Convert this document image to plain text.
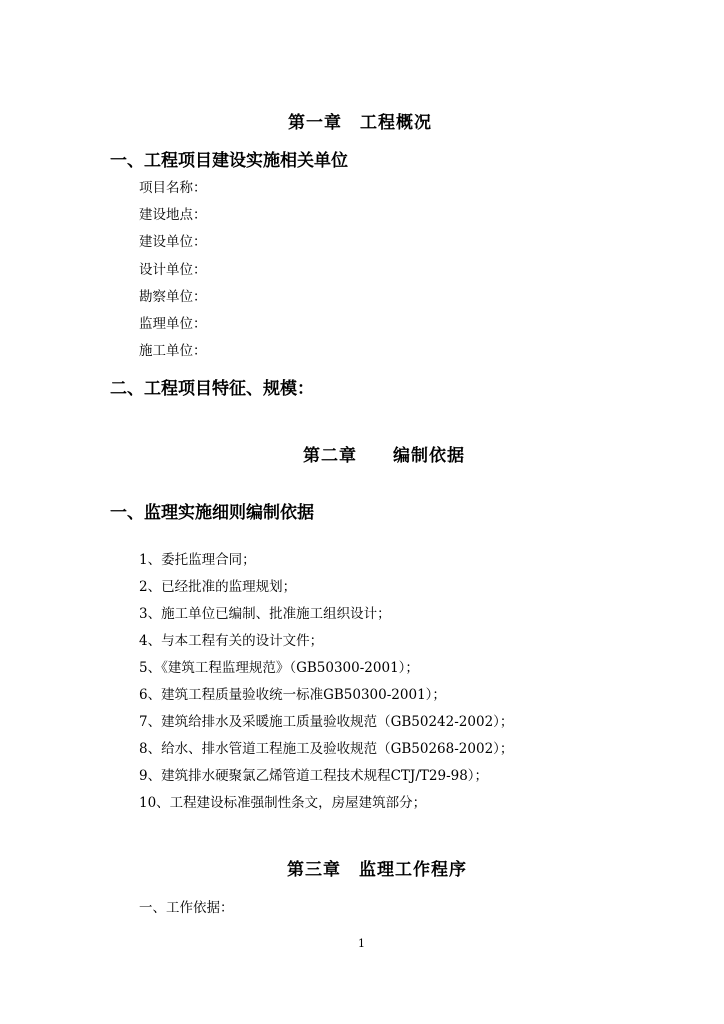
第一章　工程概况
一、工程项目建设实施相关单位
项目名称：
建设地点：
建设单位：
设计单位：
勘察单位：
监理单位：
施工单位：
二、工程项目特征、规模：
第二章　　编制依据
一、监理实施细则编制依据
1、委托监理合同；
2、已经批准的监理规划；
3、施工单位已编制、批准施工组织设计；
4、与本工程有关的设计文件；
5、《建筑工程监理规范》（GB50300-2001）；
6、建筑工程质量验收统一标准GB50300-2001）；
7、建筑给排水及采暖施工质量验收规范（GB50242-2002）；
8、给水、排水管道工程施工及验收规范（GB50268-2002）；
9、建筑排水硬聚氯乙烯管道工程技术规程CTJ/T29-98）；
10、工程建设标准强制性条文，房屋建筑部分；
第三章　监理工作程序
一、工作依据：
1
